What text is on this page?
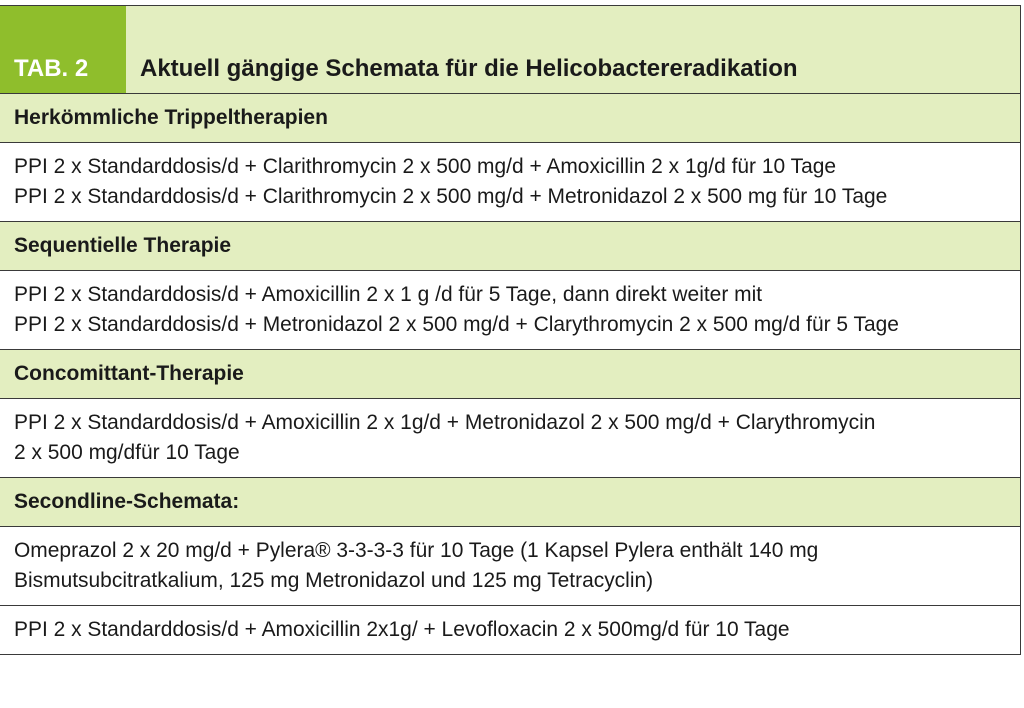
TAB. 2	Aktuell gängige Schemata für die Helicobactereradikation
Herkömmliche Trippeltherapien
PPI 2 x Standarddosis/d + Clarithromycin 2 x 500 mg/d + Amoxicillin 2 x 1g/d für 10 Tage
PPI 2 x Standarddosis/d + Clarithromycin 2 x 500 mg/d + Metronidazol 2 x 500 mg für 10 Tage
Sequentielle Therapie
PPI 2 x Standarddosis/d + Amoxicillin 2 x 1 g /d für 5 Tage, dann direkt weiter mit
PPI 2 x Standarddosis/d + Metronidazol 2 x 500 mg/d + Clarythromycin 2 x 500 mg/d für 5 Tage
Concomittant-Therapie
PPI 2 x Standarddosis/d + Amoxicillin 2 x 1g/d + Metronidazol 2 x 500 mg/d + Clarythromycin
2 x 500 mg/dfür 10 Tage
Secondline-Schemata:
Omeprazol 2 x 20 mg/d + Pylera® 3-3-3-3 für 10 Tage (1 Kapsel Pylera enthält 140 mg
Bismutsubcitratkalium, 125 mg Metronidazol und 125 mg Tetracyclin)
PPI 2 x Standarddosis/d + Amoxicillin 2x1g/ + Levofloxacin 2 x 500mg/d für 10 Tage
